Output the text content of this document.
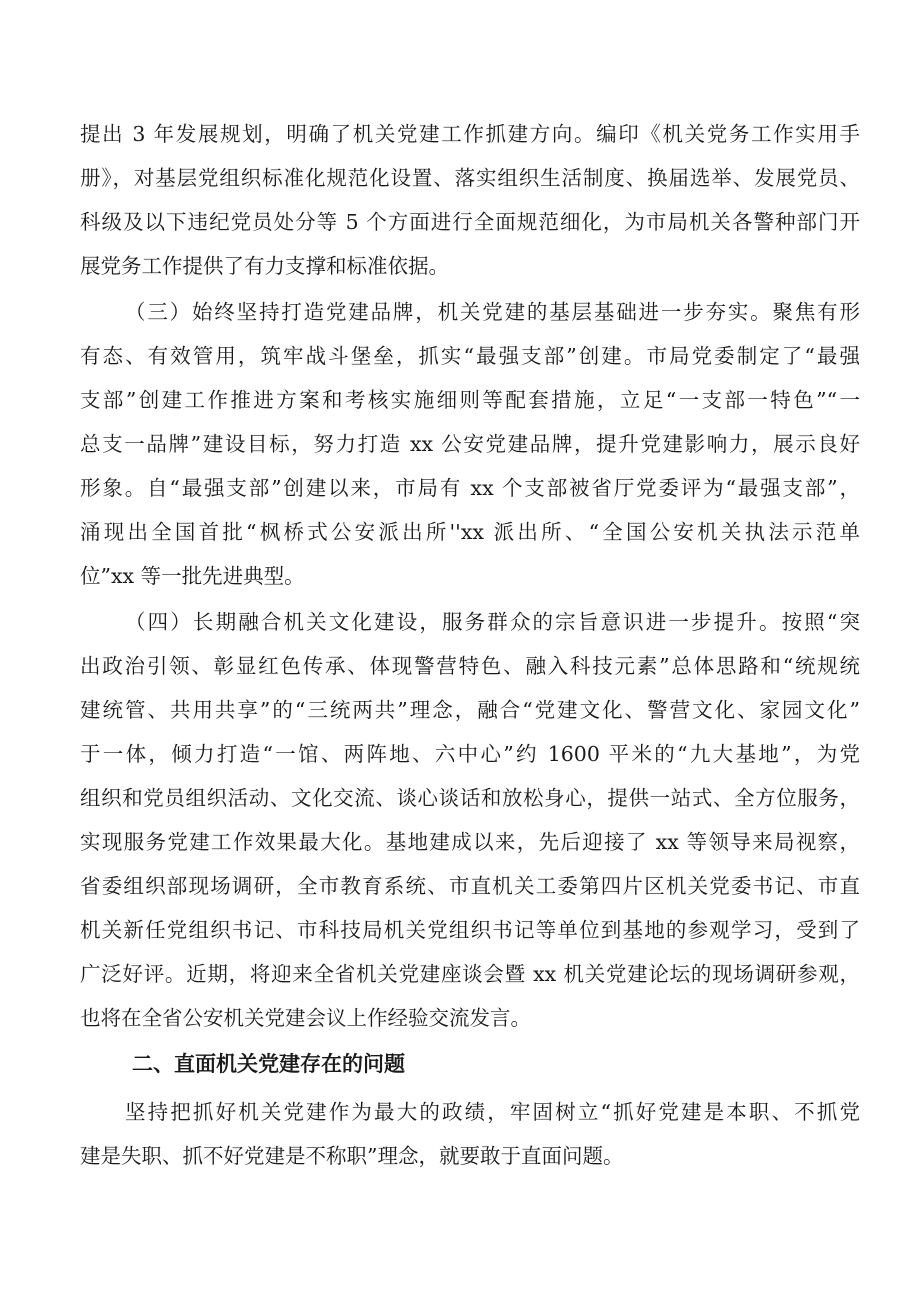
提出 3 年发展规划，明确了机关党建工作抓建方向。编印《机关党务工作实用手
册》，对基层党组织标准化规范化设置、落实组织生活制度、换届选举、发展党员、
科级及以下违纪党员处分等 5 个方面进行全面规范细化，为市局机关各警种部门开
展党务工作提供了有力支撑和标准依据。
（三）始终坚持打造党建品牌，机关党建的基层基础进一步夯实。聚焦有形
有态、有效管用，筑牢战斗堡垒，抓实“最强支部”创建。市局党委制定了“最强
支部”创建工作推进方案和考核实施细则等配套措施，立足“一支部一特色”“一
总支一品牌”建设目标，努力打造 xx 公安党建品牌，提升党建影响力，展示良好
形象。自“最强支部”创建以来，市局有 xx 个支部被省厅党委评为“最强支部”，
涌现出全国首批“枫桥式公安派出所''xx 派出所、“全国公安机关执法示范单
位”xx 等一批先进典型。
（四）长期融合机关文化建设，服务群众的宗旨意识进一步提升。按照“突
出政治引领、彰显红色传承、体现警营特色、融入科技元素”总体思路和“统规统
建统管、共用共享”的“三统两共”理念，融合“党建文化、警营文化、家园文化”
于一体，倾力打造“一馆、两阵地、六中心”约 1600 平米的“九大基地”，为党
组织和党员组织活动、文化交流、谈心谈话和放松身心，提供一站式、全方位服务，
实现服务党建工作效果最大化。基地建成以来，先后迎接了 xx 等领导来局视察，
省委组织部现场调研，全市教育系统、市直机关工委第四片区机关党委书记、市直
机关新任党组织书记、市科技局机关党组织书记等单位到基地的参观学习，受到了
广泛好评。近期，将迎来全省机关党建座谈会暨 xx 机关党建论坛的现场调研参观，
也将在全省公安机关党建会议上作经验交流发言。
二、直面机关党建存在的问题
坚持把抓好机关党建作为最大的政绩，牢固树立“抓好党建是本职、不抓党
建是失职、抓不好党建是不称职”理念，就要敢于直面问题。
